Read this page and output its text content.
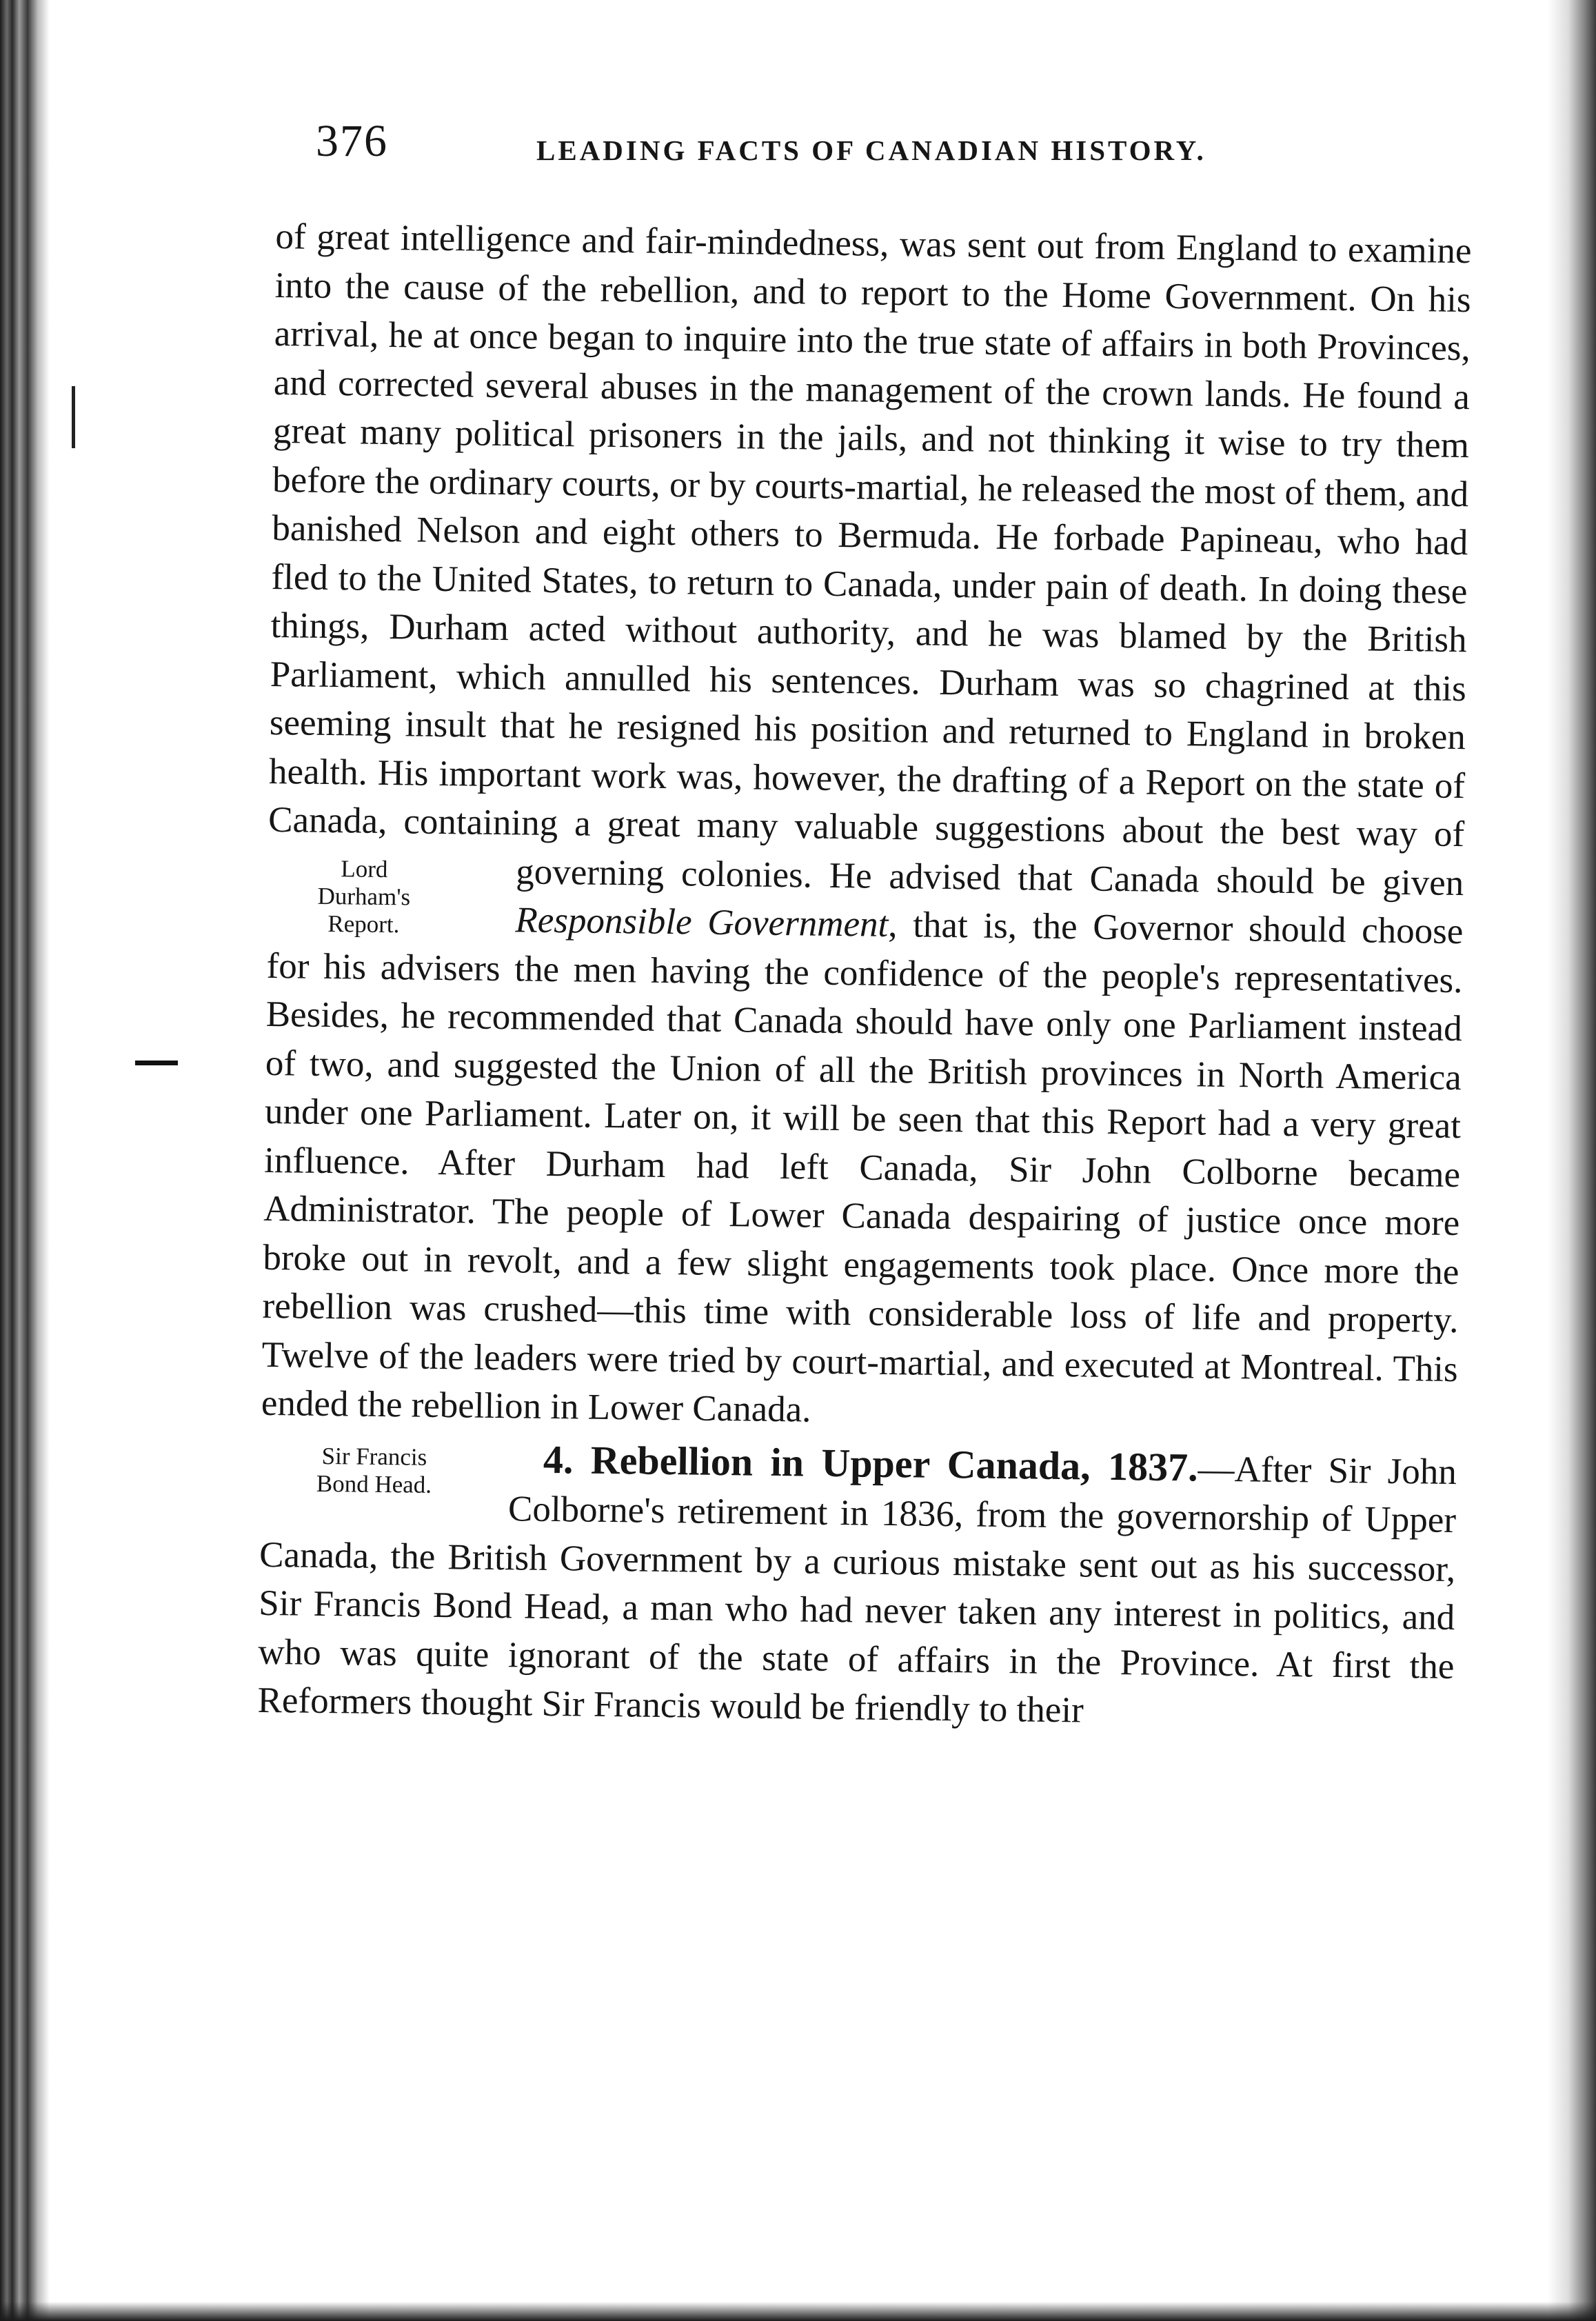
376	LEADING FACTS OF CANADIAN HISTORY.

of great intelligence and fair-mindedness, was sent out from England to examine into the cause of the rebellion, and to report to the Home Government. On his arrival, he at once began to inquire into the true state of affairs in both Provinces, and corrected several abuses in the management of the crown lands. He found a great many political prisoners in the jails, and not thinking it wise to try them before the ordinary courts, or by courts-martial, he released the most of them, and banished Nelson and eight others to Bermuda. He forbade Papineau, who had fled to the United States, to return to Canada, under pain of death. In doing these things, Durham acted without authority, and he was blamed by the British Parliament, which annulled his sentences. Durham was so chagrined at this seeming insult that he resigned his position and returned to England in broken health. His important work was, however, the drafting of a Report on the state of Canada, containing a great many valuable suggestions about the best way of governing colonies. He advised that Canada should be given
Lord
Durham's
Report.	Responsible Government, that is, the Governor should choose for his advisers the men having the confidence of the people's representatives. Besides, he recommended that Canada should have only one Parliament instead of two, and suggested the Union of all the British provinces in North America under one Parliament. Later on, it will be seen that this Report had a very great influence. After Durham had left Canada, Sir John Colborne became Administrator. The people of Lower Canada despairing of justice once more broke out in revolt, and a few slight engagements took place. Once more the rebellion was crushed—this time with considerable loss of life and property. Twelve of the leaders were tried by court-martial, and executed at Montreal. This ended the rebellion in Lower Canada.

4. Rebellion in Upper Canada, 1837.
Sir Francis
Bond Head.	—After Sir John Colborne's retirement in 1836, from the governorship of Upper Canada, the British Government by a curious mistake sent out as his successor, Sir Francis Bond Head, a man who had never taken any interest in politics, and who was quite ignorant of the state of affairs in the Province. At first the Reformers thought Sir Francis would be friendly to their
